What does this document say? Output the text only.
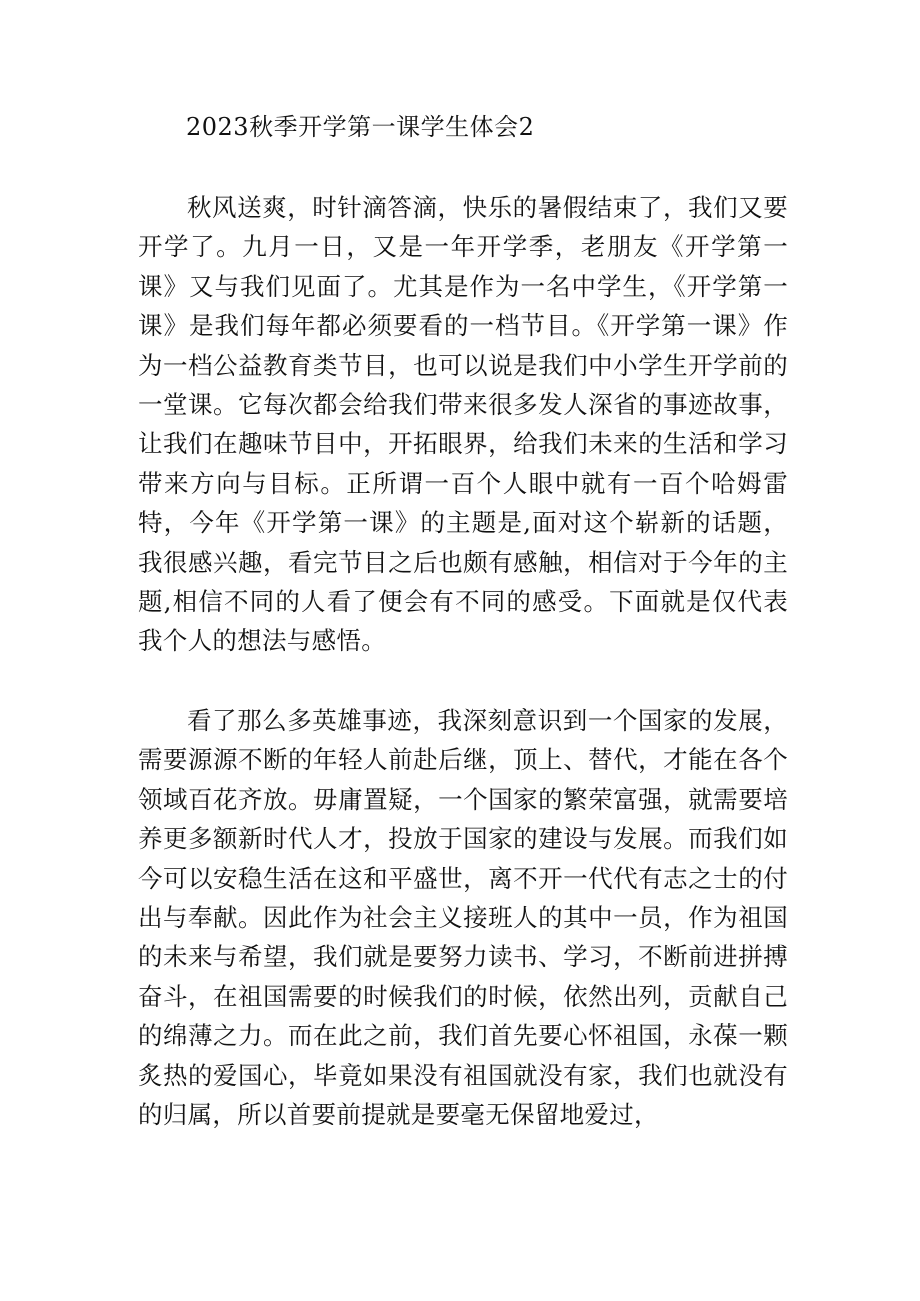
2023秋季开学第一课学生体会2

秋风送爽，时针滴答滴，快乐的暑假结束了，我们又要开学了。九月一日，又是一年开学季，老朋友《开学第一课》又与我们见面了。尤其是作为一名中学生，《开学第一课》是我们每年都必须要看的一档节目。《开学第一课》作为一档公益教育类节目，也可以说是我们中小学生开学前的一堂课。它每次都会给我们带来很多发人深省的事迹故事，让我们在趣味节目中，开拓眼界，给我们未来的生活和学习带来方向与目标。正所谓一百个人眼中就有一百个哈姆雷特，今年《开学第一课》的主题是,面对这个崭新的话题，我很感兴趣，看完节目之后也颇有感触，相信对于今年的主题,相信不同的人看了便会有不同的感受。下面就是仅代表我个人的想法与感悟。

看了那么多英雄事迹，我深刻意识到一个国家的发展，需要源源不断的年轻人前赴后继，顶上、替代，才能在各个领域百花齐放。毋庸置疑，一个国家的繁荣富强，就需要培养更多额新时代人才，投放于国家的建设与发展。而我们如今可以安稳生活在这和平盛世，离不开一代代有志之士的付出与奉献。因此作为社会主义接班人的其中一员，作为祖国的未来与希望，我们就是要努力读书、学习，不断前进拼搏奋斗，在祖国需要的时候我们的时候，依然出列，贡献自己的绵薄之力。而在此之前，我们首先要心怀祖国，永葆一颗炙热的爱国心，毕竟如果没有祖国就没有家，我们也就没有的归属，所以首要前提就是要毫无保留地爱过，
